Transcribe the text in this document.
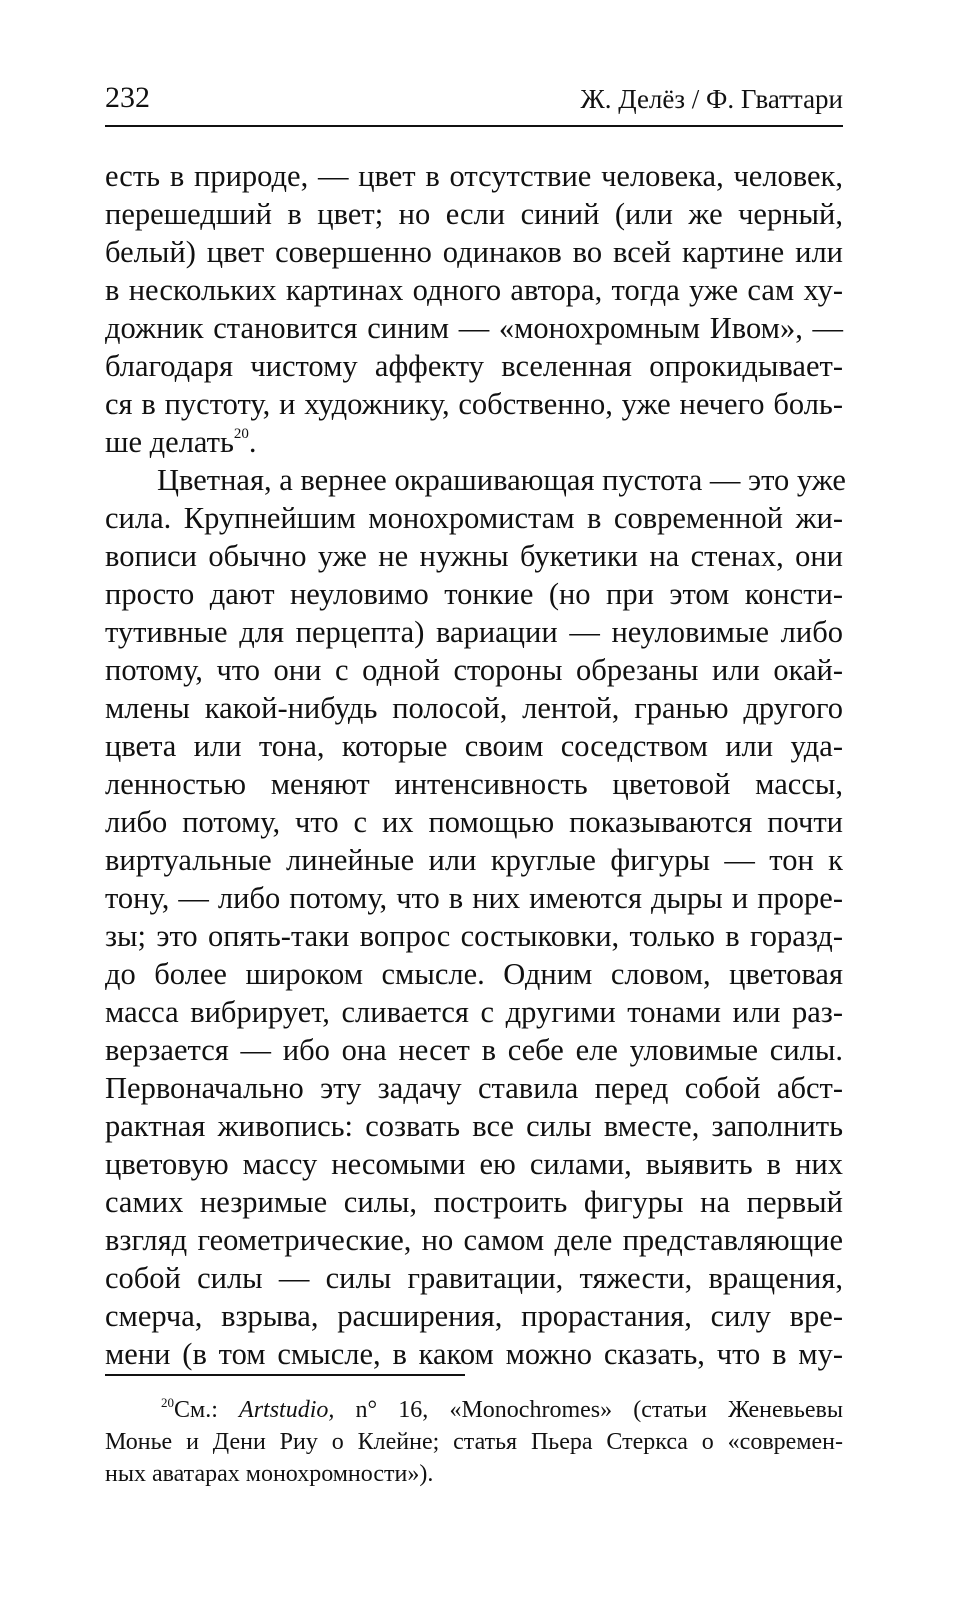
232	Ж. Делёз / Ф. Гваттари
есть в природе, — цвет в отсутствие человека, человек,
перешедший в цвет; но если синий (или же черный,
белый) цвет совершенно одинаков во всей картине или
в нескольких картинах одного автора, тогда уже сам ху-
дожник становится синим — «монохромным Ивом», —
благодаря чистому аффекту вселенная опрокидывает-
ся в пустоту, и художнику, собственно, уже нечего боль-
ше делать$^{20}$.
Цветная, а вернее окрашивающая пустота — это уже
сила. Крупнейшим монохромистам в современной жи-
вописи обычно уже не нужны букетики на стенах, они
просто дают неуловимо тонкие (но при этом консти-
тутивные для перцепта) вариации — неуловимые либо
потому, что они с одной стороны обрезаны или окай-
млены какой-нибудь полосой, лентой, гранью другого
цвета или тона, которые своим соседством или уда-
ленностью меняют интенсивность цветовой массы,
либо потому, что с их помощью показываются почти
виртуальные линейные или круглые фигуры — тон к
тону, — либо потому, что в них имеются дыры и проре-
зы; это опять-таки вопрос состыковки, только в горазд-
до более широком смысле. Одним словом, цветовая
масса вибрирует, сливается с другими тонами или раз-
верзается — ибо она несет в себе еле уловимые силы.
Первоначально эту задачу ставила перед собой абст-
рактная живопись: созвать все силы вместе, заполнить
цветовую массу несомыми ею силами, выявить в них
самих незримые силы, построить фигуры на первый
взгляд геометрические, но самом деле представляющие
собой силы — силы гравитации, тяжести, вращения,
смерча, взрыва, расширения, прорастания, силу вре-
мени (в том смысле, в каком можно сказать, что в му-
$^{20}$См.: Artstudio, n° 16, «Monochromes» (статьи Женевьевы
Монье и Дени Риу о Клейне; статья Пьера Стеркса о «современ-
ных аватарах монохромности»).
